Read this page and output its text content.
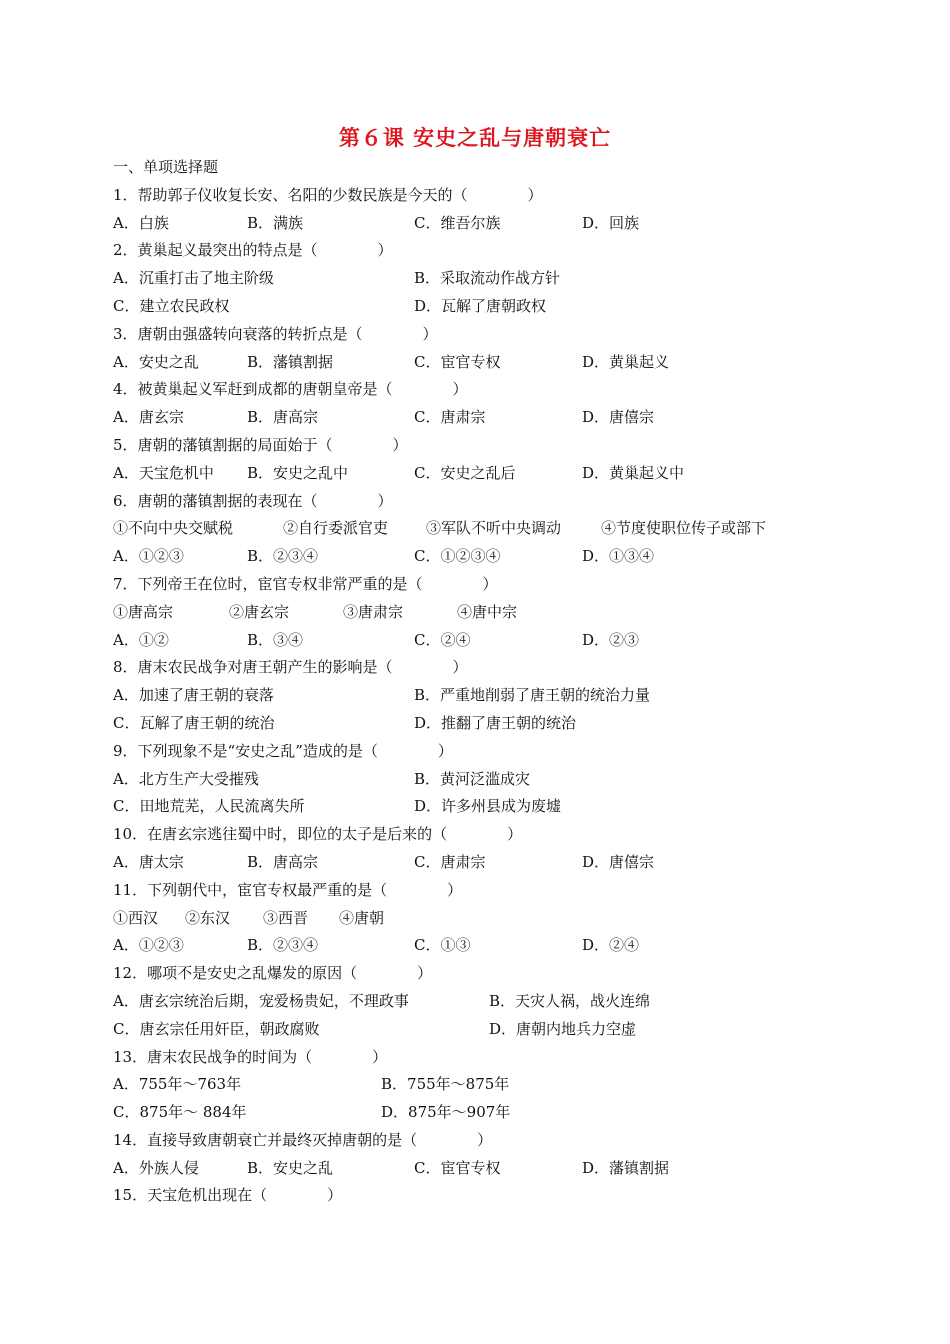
第６课 安史之乱与唐朝衰亡
一、单项选择题
1．帮助郭子仪收复长安、名阳的少数民族是今天的（　　　　）
A．白族	B．满族	C．维吾尔族	D．回族
2．黄巢起义最突出的特点是（　　　　）
A．沉重打击了地主阶级	B．采取流动作战方针
C．建立农民政权	D．瓦解了唐朝政权
3．唐朝由强盛转向衰落的转折点是（　　　　）
A．安史之乱	B．藩镇割据	C．宦官专权	D．黄巢起义
4．被黄巢起义军赶到成都的唐朝皇帝是（　　　　）
A．唐玄宗	B．唐高宗	C．唐肃宗	D．唐僖宗
5．唐朝的藩镇割据的局面始于（　　　　）
A．天宝危机中 B．安史之乱中	C．安史之乱后	D．黄巢起义中
6．唐朝的藩镇割据的表现在（　　　　）
①不向中央交赋税	②自行委派官吏	③军队不听中央调动	④节度使职位传子或部下
A．①②③	B．②③④	C．①②③④	D．①③④
7．下列帝王在位时，宦官专权非常严重的是（　　　　）
①唐高宗	②唐玄宗	③唐肃宗	④唐中宗
A．①②	B．③④	C．②④	D．②③
8．唐末农民战争对唐王朝产生的影响是（　　　　）
A．加速了唐王朝的衰落	B．严重地削弱了唐王朝的统治力量
C．瓦解了唐王朝的统治	D．推翻了唐王朝的统治
9．下列现象不是“安史之乱”造成的是（　　　　）
A．北方生产大受摧残	B．黄河泛滥成灾
C．田地荒芜，人民流离失所	D．许多州县成为废墟
10．在唐玄宗逃往蜀中时，即位的太子是后来的（　　　　）
A．唐太宗	B．唐高宗	C．唐肃宗	D．唐僖宗
11．下列朝代中，宦官专权最严重的是（　　　　）
①西汉 ②东汉 ③西晋 ④唐朝
A．①②③	B．②③④	C．①③	D．②④
12．哪项不是安史之乱爆发的原因（　　　　）
A．唐玄宗统治后期，宠爱杨贵妃，不理政事	B．天灾人祸，战火连绵
C．唐玄宗任用奸臣，朝政腐败	D．唐朝内地兵力空虚
13．唐末农民战争的时间为（　　　　）
A．755年～763年	B．755年～875年
C．875年～ 884年	D．875年～907年
14．直接导致唐朝衰亡并最终灭掉唐朝的是（　　　　）
A．外族人侵	B．安史之乱	C．宦官专权	D．藩镇割据
15．天宝危机出现在（　　　　）
